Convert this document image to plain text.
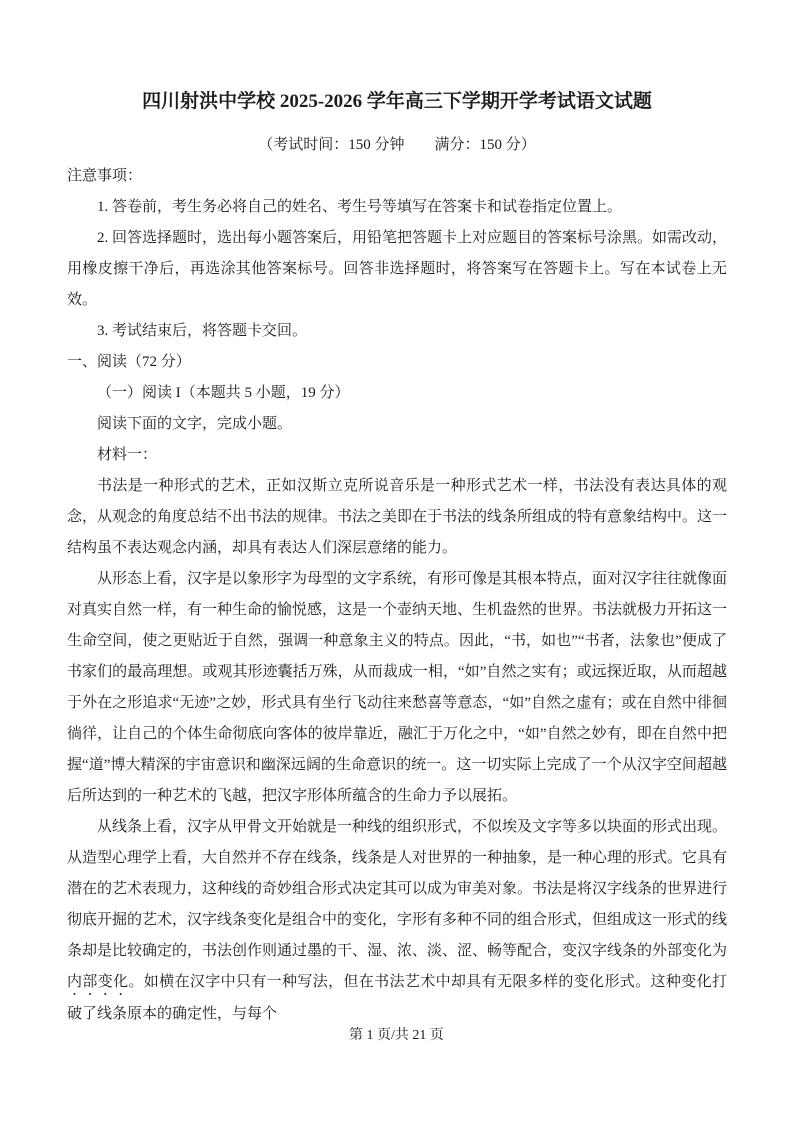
四川射洪中学校 2025-2026 学年高三下学期开学考试语文试题

（考试时间：150 分钟　　满分：150 分）

注意事项：

1. 答卷前，考生务必将自己的姓名、考生号等填写在答案卡和试卷指定位置上。

2. 回答选择题时，选出每小题答案后，用铅笔把答题卡上对应题目的答案标号涂黑。如需改动，用橡皮擦干净后，再选涂其他答案标号。回答非选择题时，将答案写在答题卡上。写在本试卷上无效。

3. 考试结束后，将答题卡交回。

一、阅读（72 分）
（一）阅读 I（本题共 5 小题，19 分）

阅读下面的文字，完成小题。

材料一：

书法是一种形式的艺术，正如汉斯立克所说音乐是一种形式艺术一样，书法没有表达具体的观念，从观念的角度总结不出书法的规律。书法之美即在于书法的线条所组成的特有意象结构中。这一结构虽不表达观念内涵，却具有表达人们深层意绪的能力。

从形态上看，汉字是以象形字为母型的文字系统，有形可像是其根本特点，面对汉字往往就像面对真实自然一样，有一种生命的愉悦感，这是一个壶纳天地、生机盎然的世界。书法就极力开拓这一生命空间，使之更贴近于自然，强调一种意象主义的特点。因此，“书，如也”“书者，法象也”便成了书家们的最高理想。或观其形迹囊括万殊，从而裁成一相，“如”自然之实有；或远探近取，从而超越于外在之形追求“无迹”之妙，形式具有坐行飞动往来愁喜等意态，“如”自然之虚有；或在自然中徘徊徜徉，让自己的个体生命彻底向客体的彼岸靠近，融汇于万化之中，“如”自然之妙有，即在自然中把握“道”博大精深的宇宙意识和幽深远阔的生命意识的统一。这一切实际上完成了一个从汉字空间超越后所达到的一种艺术的飞越，把汉字形体所蕴含的生命力予以展拓。

从线条上看，汉字从甲骨文开始就是一种线的组织形式，不似埃及文字等多以块面的形式出现。从造型心理学上看，大自然并不存在线条，线条是人对世界的一种抽象，是一种心理的形式。它具有潜在的艺术表现力，这种线的奇妙组合形式决定其可以成为审美对象。书法是将汉字线条的世界进行彻底开掘的艺术，汉字线条变化是组合中的变化，字形有多种不同的组合形式，但组成这一形式的线条却是比较确定的，书法创作则通过墨的干、湿、浓、淡、涩、畅等配合，变汉字线条的外部变化为内部变化。如横在汉字中只有一种写法，但在书法艺术中却具有无限多样的变化形式。这种变化打破了线条原本的确定性，与每个

第 1 页/共 21 页
